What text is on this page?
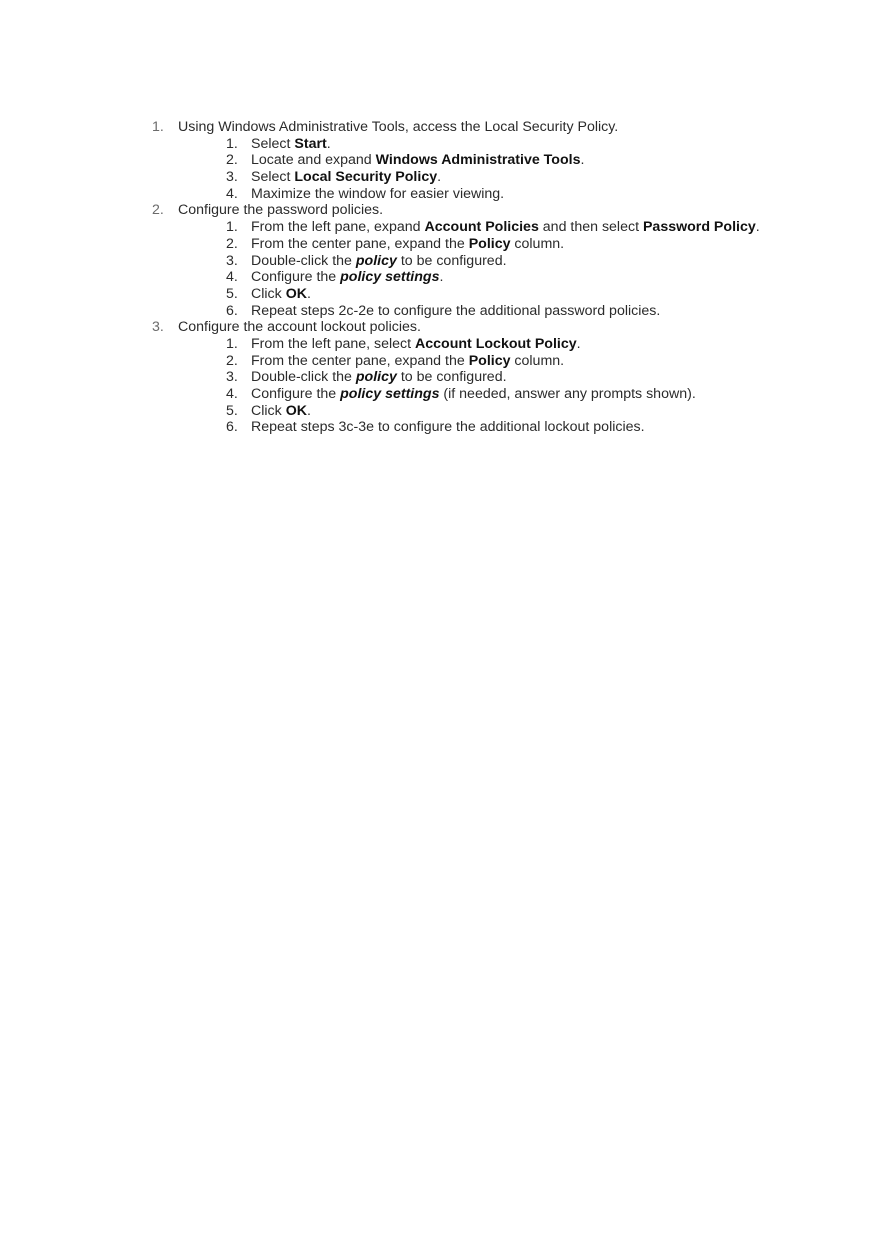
1. Using Windows Administrative Tools, access the Local Security Policy.
1. Select Start.
2. Locate and expand Windows Administrative Tools.
3. Select Local Security Policy.
4. Maximize the window for easier viewing.
2. Configure the password policies.
1. From the left pane, expand Account Policies and then select Password Policy.
2. From the center pane, expand the Policy column.
3. Double-click the policy to be configured.
4. Configure the policy settings.
5. Click OK.
6. Repeat steps 2c-2e to configure the additional password policies.
3. Configure the account lockout policies.
1. From the left pane, select Account Lockout Policy.
2. From the center pane, expand the Policy column.
3. Double-click the policy to be configured.
4. Configure the policy settings (if needed, answer any prompts shown).
5. Click OK.
6. Repeat steps 3c-3e to configure the additional lockout policies.
